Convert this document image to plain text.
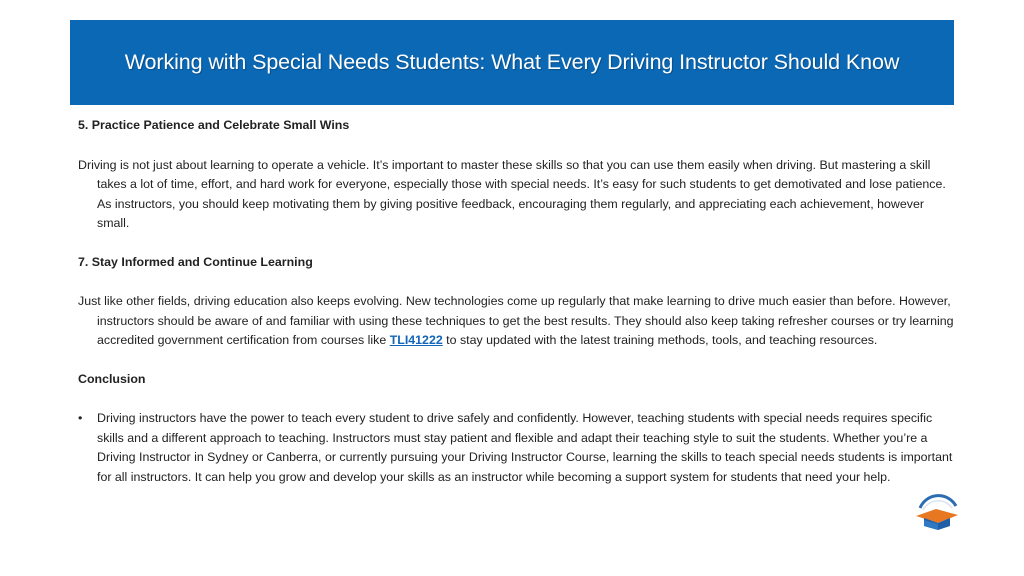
Working with Special Needs Students: What Every Driving Instructor Should Know

5. Practice Patience and Celebrate Small Wins

Driving is not just about learning to operate a vehicle. It’s important to master these skills so that you can use them easily when driving. But mastering a skill takes a lot of time, effort, and hard work for everyone, especially those with special needs. It’s easy for such students to get demotivated and lose patience. As instructors, you should keep motivating them by giving positive feedback, encouraging them regularly, and appreciating each achievement, however small.

7. Stay Informed and Continue Learning

Just like other fields, driving education also keeps evolving. New technologies come up regularly that make learning to drive much easier than before. However, instructors should be aware of and familiar with using these techniques to get the best results. They should also keep taking refresher courses or try learning accredited government certification from courses like TLI41222 to stay updated with the latest training methods, tools, and teaching resources.

Conclusion

•	Driving instructors have the power to teach every student to drive safely and confidently. However, teaching students with special needs requires specific skills and a different approach to teaching. Instructors must stay patient and flexible and adapt their teaching style to suit the students. Whether you’re a Driving Instructor in Sydney or Canberra, or currently pursuing your Driving Instructor Course, learning the skills to teach special needs students is important for all instructors. It can help you grow and develop your skills as an instructor while becoming a support system for students that need your help.
